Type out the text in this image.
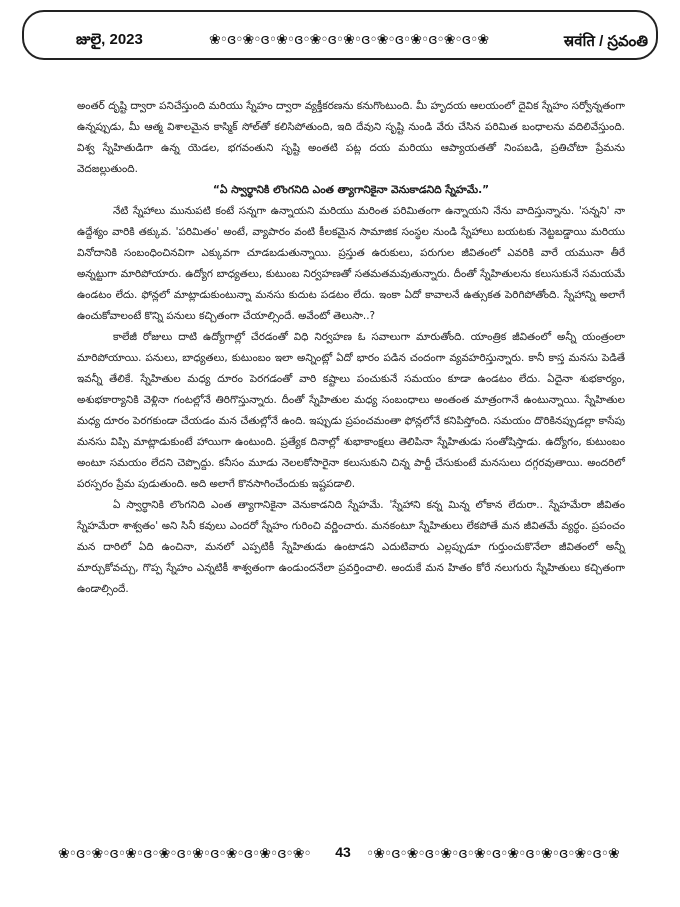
జులై, 2023	❀◦ɞ◦❀◦ɞ◦❀◦ɞ◦❀◦ɞ◦❀◦ɞ◦❀◦ɞ◦❀◦ɞ◦❀◦ɞ◦❀	स्रवंति / స్రవంతి

అంతర్ దృష్టి ద్వారా పనిచేస్తుంది మరియు స్నేహం ద్వారా వ్యక్తీకరణను కనుగొంటుంది. మీ హృదయ ఆలయంలో దైవిక స్నేహం సర్వోన్నతంగా ఉన్నప్పుడు, మీ ఆత్మ విశాలమైన కాస్మిక్ సోల్‌తో కలిసిపోతుంది, ఇది దేవుని సృష్టి నుండి వేరు చేసిన పరిమిత బంధాలను వదిలివేస్తుంది. విశ్వ స్నేహితుడిగా ఉన్న యెడల, భగవంతుని సృష్టి అంతటి పట్ల దయ మరియు ఆప్యాయతతో నింపబడి, ప్రతిచోటా ప్రేమను వెదజల్లుతుంది.

“ఏ స్వార్థానికి లొంగనిది ఎంత త్యాగానికైనా వెనుకాడనిది స్నేహమే.”

నేటి స్నేహాలు మునుపటి కంటే సన్నగా ఉన్నాయని మరియు మరింత పరిమితంగా ఉన్నాయని నేను వాదిస్తున్నాను. 'సన్నని' నా ఉద్దేశ్యం వారికి తక్కువ. 'పరిమితం' అంటే, వ్యాపారం వంటి కీలకమైన సామాజిక సంస్థల నుండి స్నేహాలు బయటకు నెట్టబడ్డాయి మరియు వినోదానికి సంబంధించినవిగా ఎక్కువగా చూడబడుతున్నాయి. ప్రస్తుత ఉరుకులు, పరుగుల జీవితంలో ఎవరికి వారే యమునా తీరే అన్నట్టుగా మారిపోయారు. ఉద్యోగ బాధ్యతలు, కుటుంబ నిర్వహణతో సతమతమవుతున్నారు. దీంతో స్నేహితులను కలుసుకునే సమయమే ఉండటం లేదు. ఫోన్లలో మాట్లాడుకుంటున్నా మనసు కుదుట పడటం లేదు. ఇంకా ఏదో కావాలనే ఉత్సుకత పెరిగిపోతోంది. స్నేహాన్ని అలాగే ఉంచుకోవాలంటే కొన్ని పనులు కచ్చితంగా చేయాల్సిందే. అవేంటో తెలుసా..?

కాలేజీ రోజులు దాటి ఉద్యోగాల్లో చేరడంతో విధి నిర్వహణ ఓ సవాలుగా మారుతోంది. యాంత్రిక జీవితంలో అన్నీ యంత్రంలా మారిపోయాయి. పనులు, బాధ్యతలు, కుటుంబం ఇలా అన్నింట్లో ఏదో భారం పడిన చందంగా వ్యవహరిస్తున్నారు. కానీ కాస్త మనసు పెడితే ఇవన్నీ తేలికే. స్నేహితుల మధ్య దూరం పెరగడంతో వారి కష్టాలు పంచుకునే సమయం కూడా ఉండటం లేదు. ఏదైనా శుభకార్యం, అశుభకార్యానికి వెళ్లినా గంటల్లోనే తిరిగొస్తున్నారు. దీంతో స్నేహితుల మధ్య సంబంధాలు అంతంత మాత్రంగానే ఉంటున్నాయి. స్నేహితుల మధ్య దూరం పెరగకుండా చేయడం మన చేతుల్లోనే ఉంది. ఇప్పుడు ప్రపంచమంతా ఫోన్లలోనే కనిపిస్తోంది. సమయం దొరికినప్పుడల్లా కాసేపు మనసు విప్పి మాట్లాడుకుంటే హాయిగా ఉంటుంది. ప్రత్యేక దినాల్లో శుభాకాంక్షలు తెలిపినా స్నేహితుడు సంతోషిస్తాడు. ఉద్యోగం, కుటుంబం అంటూ సమయం లేదని చెప్పొద్దు. కనీసం మూడు నెలలకోసారైనా కలుసుకుని చిన్న పార్టీ చేసుకుంటే మనసులు దగ్గరవుతాయి. అందరిలో పరస్పరం ప్రేమ పుడుతుంది. అది అలాగే కొనసాగించేందుకు ఇష్టపడాలి.

ఏ స్వార్థానికి లొంగనిది ఎంత త్యాగానికైనా వెనుకాడనిది స్నేహమే. 'స్నేహాని కన్న మిన్న లోకాన లేదురా.. స్నేహమేరా జీవితం స్నేహమేరా శాశ్వతం' అని సినీ కవులు ఎందరో స్నేహం గురించి వర్ణించారు. మనకంటూ స్నేహితులు లేకపోతే మన జీవితమే వ్యర్థం. ప్రపంచం మన దారిలో ఏది ఉంచినా, మనలో ఎప్పటికీ స్నేహితుడు ఉంటాడని ఎదుటివారు ఎల్లప్పుడూ గుర్తుంచుకొనేలా జీవితంలో అన్నీ మార్చుకోవచ్చు, గొప్ప స్నేహం ఎన్నటికీ శాశ్వతంగా ఉండుందనేలా ప్రవర్తించాలి. అందుకే మన హితం కోరే నలుగురు స్నేహితులు కచ్చితంగా ఉండాల్సిందే.

❀◦ɞ◦❀◦ɞ◦❀◦ɞ◦❀◦ɞ◦❀◦ɞ◦❀◦ɞ◦❀◦ɞ◦❀◦	43	◦❀◦ɞ◦❀◦ɞ◦❀◦ɞ◦❀◦ɞ◦❀◦ɞ◦❀◦ɞ◦❀◦ɞ◦❀
